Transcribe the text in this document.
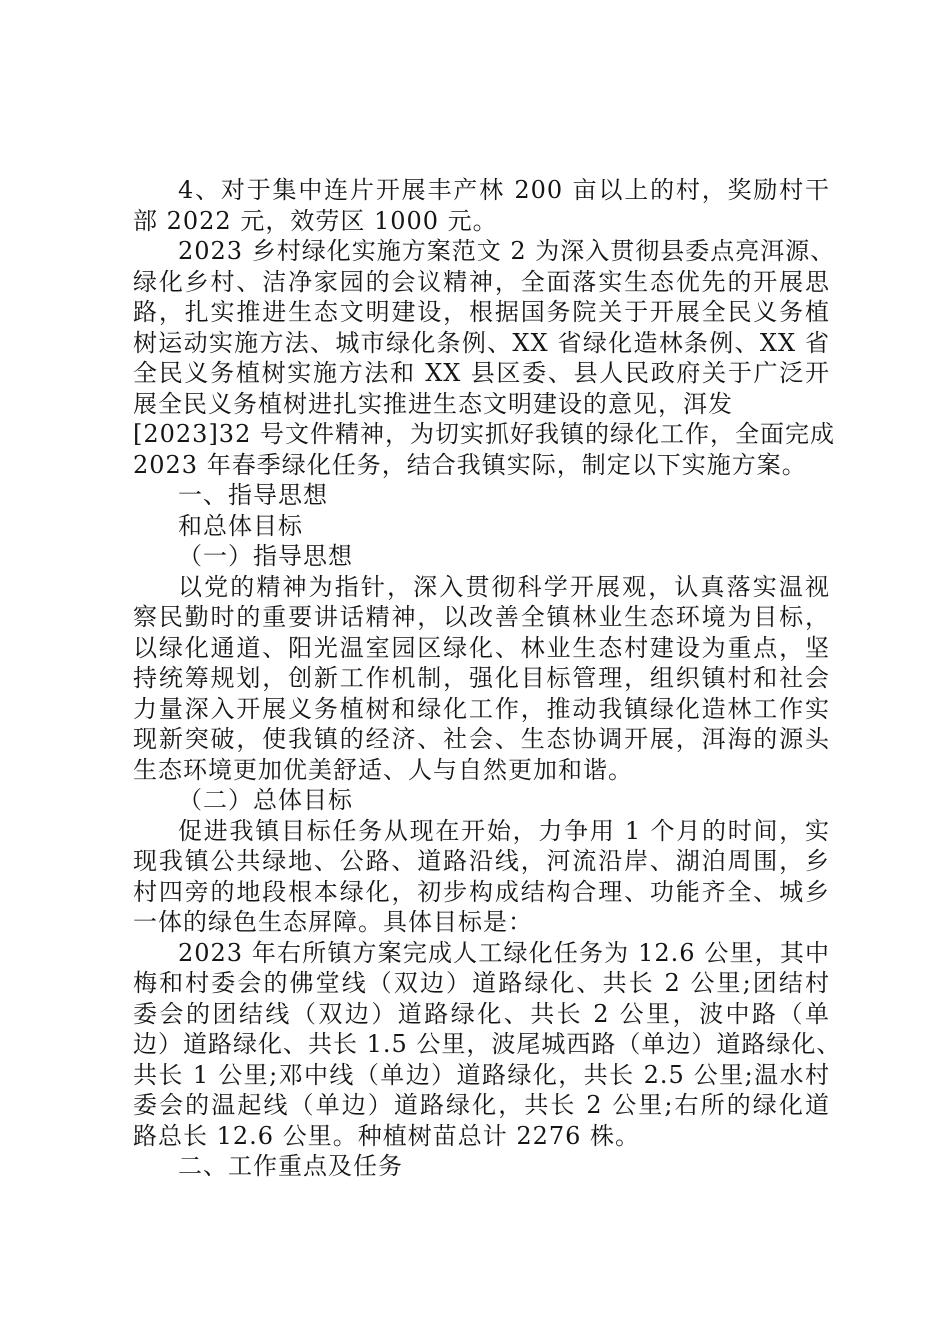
4、对于集中连片开展丰产林 200 亩以上的村，奖励村干
部 2022 元，效劳区 1000 元。
2023 乡村绿化实施方案范文 2 为深入贯彻县委点亮洱源、
绿化乡村、洁净家园的会议精神，全面落实生态优先的开展思
路，扎实推进生态文明建设，根据国务院关于开展全民义务植
树运动实施方法、城市绿化条例、XX 省绿化造林条例、XX 省
全民义务植树实施方法和 XX 县区委、县人民政府关于广泛开
展全民义务植树进扎实推进生态文明建设的意见，洱发
[2023]32 号文件精神，为切实抓好我镇的绿化工作，全面完成
2023 年春季绿化任务，结合我镇实际，制定以下实施方案。
一、指导思想
和总体目标
（一）指导思想
以党的精神为指针，深入贯彻科学开展观，认真落实温视
察民勤时的重要讲话精神，以改善全镇林业生态环境为目标，
以绿化通道、阳光温室园区绿化、林业生态村建设为重点，坚
持统筹规划，创新工作机制，强化目标管理，组织镇村和社会
力量深入开展义务植树和绿化工作，推动我镇绿化造林工作实
现新突破，使我镇的经济、社会、生态协调开展，洱海的源头
生态环境更加优美舒适、人与自然更加和谐。
（二）总体目标
促进我镇目标任务从现在开始，力争用 1 个月的时间，实
现我镇公共绿地、公路、道路沿线，河流沿岸、湖泊周围，乡
村四旁的地段根本绿化，初步构成结构合理、功能齐全、城乡
一体的绿色生态屏障。具体目标是：
2023 年右所镇方案完成人工绿化任务为 12.6 公里，其中
梅和村委会的佛堂线（双边）道路绿化、共长 2 公里;团结村
委会的团结线（双边）道路绿化、共长 2 公里，波中路（单
边）道路绿化、共长 1.5 公里，波尾城西路（单边）道路绿化、
共长 1 公里;邓中线（单边）道路绿化，共长 2.5 公里;温水村
委会的温起线（单边）道路绿化，共长 2 公里;右所的绿化道
路总长 12.6 公里。种植树苗总计 2276 株。
二、工作重点及任务
